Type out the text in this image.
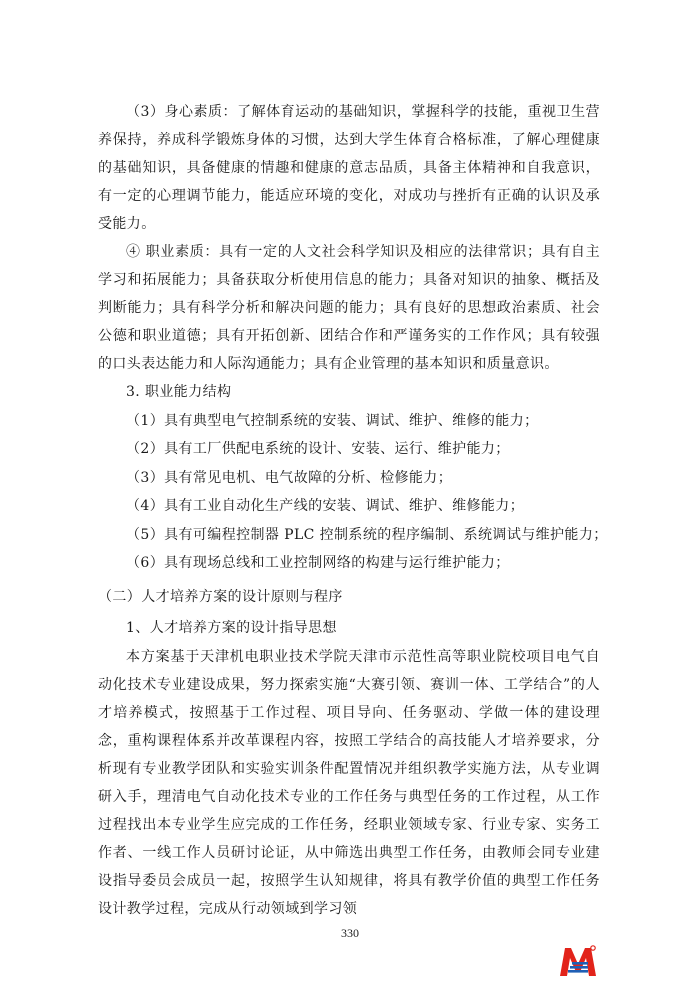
（3）身心素质：了解体育运动的基础知识，掌握科学的技能，重视卫生营养保持，养成科学锻炼身体的习惯，达到大学生体育合格标准，了解心理健康的基础知识，具备健康的情趣和健康的意志品质，具备主体精神和自我意识，有一定的心理调节能力，能适应环境的变化，对成功与挫折有正确的认识及承受能力。

④ 职业素质：具有一定的人文社会科学知识及相应的法律常识；具有自主学习和拓展能力；具备获取分析使用信息的能力；具备对知识的抽象、概括及判断能力；具有科学分析和解决问题的能力；具有良好的思想政治素质、社会公德和职业道德；具有开拓创新、团结合作和严谨务实的工作作风；具有较强的口头表达能力和人际沟通能力；具有企业管理的基本知识和质量意识。

3. 职业能力结构

（1）具有典型电气控制系统的安装、调试、维护、维修的能力；

（2）具有工厂供配电系统的设计、安装、运行、维护能力；

（3）具有常见电机、电气故障的分析、检修能力；

（4）具有工业自动化生产线的安装、调试、维护、维修能力；

（5）具有可编程控制器 PLC 控制系统的程序编制、系统调试与维护能力；

（6）具有现场总线和工业控制网络的构建与运行维护能力；

（二）人才培养方案的设计原则与程序

1、人才培养方案的设计指导思想

本方案基于天津机电职业技术学院天津市示范性高等职业院校项目电气自动化技术专业建设成果，努力探索实施“大赛引领、赛训一体、工学结合”的人才培养模式，按照基于工作过程、项目导向、任务驱动、学做一体的建设理念，重构课程体系并改革课程内容，按照工学结合的高技能人才培养要求，分析现有专业教学团队和实验实训条件配置情况并组织教学实施方法，从专业调研入手，理清电气自动化技术专业的工作任务与典型任务的工作过程，从工作过程找出本专业学生应完成的工作任务，经职业领域专家、行业专家、实务工作者、一线工作人员研讨论证，从中筛选出典型工作任务，由教师会同专业建设指导委员会成员一起，按照学生认知规律，将具有教学价值的典型工作任务设计教学过程，完成从行动领域到学习领

330
